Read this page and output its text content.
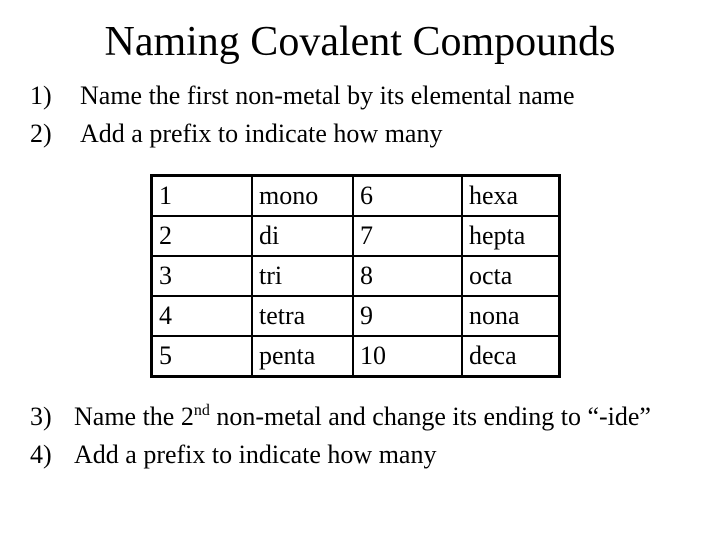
Naming Covalent Compounds
1) Name the first non-metal by its elemental name
2) Add a prefix to indicate how many
1	mono	6	hexa
2	di	7	hepta
3	tri	8	octa
4	tetra	9	nona
5	penta	10	deca
3) Name the 2nd non-metal and change its ending to “-ide”
4) Add a prefix to indicate how many
